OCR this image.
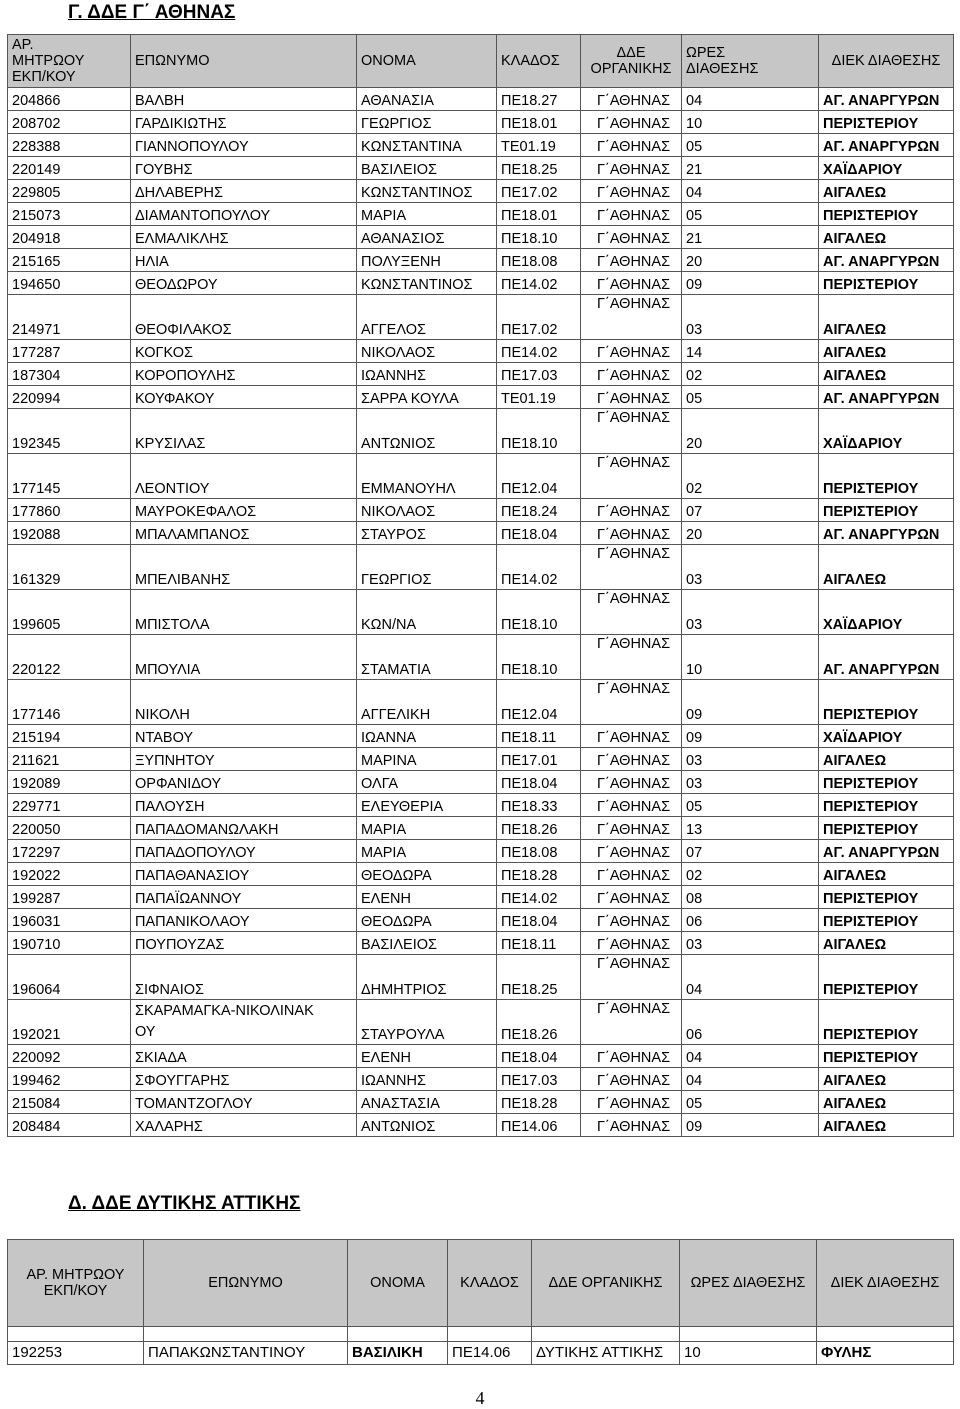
Γ. ΔΔΕ Γ΄ ΑΘΗΝΑΣ
ΑΡ. ΜΗΤΡΩΟΥ ΕΚΠ/ΚΟΥ	ΕΠΩΝΥΜΟ	ΟΝΟΜΑ	ΚΛΑΔΟΣ	ΔΔΕ ΟΡΓΑΝΙΚΗΣ	ΩΡΕΣ ΔΙΑΘΕΣΗΣ	ΔΙΕΚ ΔΙΑΘΕΣΗΣ
204866	ΒΑΛΒΗ	ΑΘΑΝΑΣΙΑ	ΠΕ18.27	Γ΄ΑΘΗΝΑΣ	04	ΑΓ. ΑΝΑΡΓΥΡΩΝ
208702	ΓΑΡΔΙΚΙΩΤΗΣ	ΓΕΩΡΓΙΟΣ	ΠΕ18.01	Γ΄ΑΘΗΝΑΣ	10	ΠΕΡΙΣΤΕΡΙΟΥ
228388	ΓΙΑΝΝΟΠΟΥΛΟΥ	ΚΩΝΣΤΑΝΤΙΝΑ	ΤΕ01.19	Γ΄ΑΘΗΝΑΣ	05	ΑΓ. ΑΝΑΡΓΥΡΩΝ
220149	ΓΟΥΒΗΣ	ΒΑΣΙΛΕΙΟΣ	ΠΕ18.25	Γ΄ΑΘΗΝΑΣ	21	ΧΑΪΔΑΡΙΟΥ
229805	ΔΗΛΑΒΕΡΗΣ	ΚΩΝΣΤΑΝΤΙΝΟΣ	ΠΕ17.02	Γ΄ΑΘΗΝΑΣ	04	ΑΙΓΑΛΕΩ
215073	ΔΙΑΜΑΝΤΟΠΟΥΛΟΥ	ΜΑΡΙΑ	ΠΕ18.01	Γ΄ΑΘΗΝΑΣ	05	ΠΕΡΙΣΤΕΡΙΟΥ
204918	ΕΛΜΑΛΙΚΛΗΣ	ΑΘΑΝΑΣΙΟΣ	ΠΕ18.10	Γ΄ΑΘΗΝΑΣ	21	ΑΙΓΑΛΕΩ
215165	ΗΛΙΑ	ΠΟΛΥΞΕΝΗ	ΠΕ18.08	Γ΄ΑΘΗΝΑΣ	20	ΑΓ. ΑΝΑΡΓΥΡΩΝ
194650	ΘΕΟΔΩΡΟΥ	ΚΩΝΣΤΑΝΤΙΝΟΣ	ΠΕ14.02	Γ΄ΑΘΗΝΑΣ	09	ΠΕΡΙΣΤΕΡΙΟΥ
214971	ΘΕΟΦΙΛΑΚΟΣ	ΑΓΓΕΛΟΣ	ΠΕ17.02	Γ΄ΑΘΗΝΑΣ	03	ΑΙΓΑΛΕΩ
177287	ΚΟΓΚΟΣ	ΝΙΚΟΛΑΟΣ	ΠΕ14.02	Γ΄ΑΘΗΝΑΣ	14	ΑΙΓΑΛΕΩ
187304	ΚΟΡΟΠΟΥΛΗΣ	ΙΩΑΝΝΗΣ	ΠΕ17.03	Γ΄ΑΘΗΝΑΣ	02	ΑΙΓΑΛΕΩ
220994	ΚΟΥΦΑΚΟΥ	ΣΑΡΡΑ ΚΟΥΛΑ	ΤΕ01.19	Γ΄ΑΘΗΝΑΣ	05	ΑΓ. ΑΝΑΡΓΥΡΩΝ
192345	ΚΡΥΣΙΛΑΣ	ΑΝΤΩΝΙΟΣ	ΠΕ18.10	Γ΄ΑΘΗΝΑΣ	20	ΧΑΪΔΑΡΙΟΥ
177145	ΛΕΟΝΤΙΟΥ	ΕΜΜΑΝΟΥΗΛ	ΠΕ12.04	Γ΄ΑΘΗΝΑΣ	02	ΠΕΡΙΣΤΕΡΙΟΥ
177860	ΜΑΥΡΟΚΕΦΑΛΟΣ	ΝΙΚΟΛΑΟΣ	ΠΕ18.24	Γ΄ΑΘΗΝΑΣ	07	ΠΕΡΙΣΤΕΡΙΟΥ
192088	ΜΠΑΛΑΜΠΑΝΟΣ	ΣΤΑΥΡΟΣ	ΠΕ18.04	Γ΄ΑΘΗΝΑΣ	20	ΑΓ. ΑΝΑΡΓΥΡΩΝ
161329	ΜΠΕΛΙΒΑΝΗΣ	ΓΕΩΡΓΙΟΣ	ΠΕ14.02	Γ΄ΑΘΗΝΑΣ	03	ΑΙΓΑΛΕΩ
199605	ΜΠΙΣΤΟΛΑ	ΚΩΝ/ΝΑ	ΠΕ18.10	Γ΄ΑΘΗΝΑΣ	03	ΧΑΪΔΑΡΙΟΥ
220122	ΜΠΟΥΛΙΑ	ΣΤΑΜΑΤΙΑ	ΠΕ18.10	Γ΄ΑΘΗΝΑΣ	10	ΑΓ. ΑΝΑΡΓΥΡΩΝ
177146	ΝΙΚΟΛΗ	ΑΓΓΕΛΙΚΗ	ΠΕ12.04	Γ΄ΑΘΗΝΑΣ	09	ΠΕΡΙΣΤΕΡΙΟΥ
215194	ΝΤΑΒΟΥ	ΙΩΑΝΝΑ	ΠΕ18.11	Γ΄ΑΘΗΝΑΣ	09	ΧΑΪΔΑΡΙΟΥ
211621	ΞΥΠΝΗΤΟΥ	ΜΑΡΙΝΑ	ΠΕ17.01	Γ΄ΑΘΗΝΑΣ	03	ΑΙΓΑΛΕΩ
192089	ΟΡΦΑΝΙΔΟΥ	ΟΛΓΑ	ΠΕ18.04	Γ΄ΑΘΗΝΑΣ	03	ΠΕΡΙΣΤΕΡΙΟΥ
229771	ΠΑΛΟΥΣΗ	ΕΛΕΥΘΕΡΙΑ	ΠΕ18.33	Γ΄ΑΘΗΝΑΣ	05	ΠΕΡΙΣΤΕΡΙΟΥ
220050	ΠΑΠΑΔΟΜΑΝΩΛΑΚΗ	ΜΑΡΙΑ	ΠΕ18.26	Γ΄ΑΘΗΝΑΣ	13	ΠΕΡΙΣΤΕΡΙΟΥ
172297	ΠΑΠΑΔΟΠΟΥΛΟΥ	ΜΑΡΙΑ	ΠΕ18.08	Γ΄ΑΘΗΝΑΣ	07	ΑΓ. ΑΝΑΡΓΥΡΩΝ
192022	ΠΑΠΑΘΑΝΑΣΙΟΥ	ΘΕΟΔΩΡΑ	ΠΕ18.28	Γ΄ΑΘΗΝΑΣ	02	ΑΙΓΑΛΕΩ
199287	ΠΑΠΑΪΩΑΝΝΟΥ	ΕΛΕΝΗ	ΠΕ14.02	Γ΄ΑΘΗΝΑΣ	08	ΠΕΡΙΣΤΕΡΙΟΥ
196031	ΠΑΠΑΝΙΚΟΛΑΟΥ	ΘΕΟΔΩΡΑ	ΠΕ18.04	Γ΄ΑΘΗΝΑΣ	06	ΠΕΡΙΣΤΕΡΙΟΥ
190710	ΠΟΥΠΟΥΖΑΣ	ΒΑΣΙΛΕΙΟΣ	ΠΕ18.11	Γ΄ΑΘΗΝΑΣ	03	ΑΙΓΑΛΕΩ
196064	ΣΙΦΝΑΙΟΣ	ΔΗΜΗΤΡΙΟΣ	ΠΕ18.25	Γ΄ΑΘΗΝΑΣ	04	ΠΕΡΙΣΤΕΡΙΟΥ
192021	ΣΚΑΡΑΜΑΓΚΑ-ΝΙΚΟΛΙΝΑΚΟΥ	ΣΤΑΥΡΟΥΛΑ	ΠΕ18.26	Γ΄ΑΘΗΝΑΣ	06	ΠΕΡΙΣΤΕΡΙΟΥ
220092	ΣΚΙΑΔΑ	ΕΛΕΝΗ	ΠΕ18.04	Γ΄ΑΘΗΝΑΣ	04	ΠΕΡΙΣΤΕΡΙΟΥ
199462	ΣΦΟΥΓΓΑΡΗΣ	ΙΩΑΝΝΗΣ	ΠΕ17.03	Γ΄ΑΘΗΝΑΣ	04	ΑΙΓΑΛΕΩ
215084	ΤΟΜΑΝΤΖΟΓΛΟΥ	ΑΝΑΣΤΑΣΙΑ	ΠΕ18.28	Γ΄ΑΘΗΝΑΣ	05	ΑΙΓΑΛΕΩ
208484	ΧΑΛΑΡΗΣ	ΑΝΤΩΝΙΟΣ	ΠΕ14.06	Γ΄ΑΘΗΝΑΣ	09	ΑΙΓΑΛΕΩ
Δ. ΔΔΕ ΔΥΤΙΚΗΣ ΑΤΤΙΚΗΣ
ΑΡ. ΜΗΤΡΩΟΥ ΕΚΠ/ΚΟΥ	ΕΠΩΝΥΜΟ	ΟΝΟΜΑ	ΚΛΑΔΟΣ	ΔΔΕ ΟΡΓΑΝΙΚΗΣ	ΩΡΕΣ ΔΙΑΘΕΣΗΣ	ΔΙΕΚ ΔΙΑΘΕΣΗΣ

192253	ΠΑΠΑΚΩΝΣΤΑΝΤΙΝΟΥ	ΒΑΣΙΛΙΚΗ	ΠΕ14.06	ΔΥΤΙΚΗΣ ΑΤΤΙΚΗΣ	10	ΦΥΛΗΣ
4
